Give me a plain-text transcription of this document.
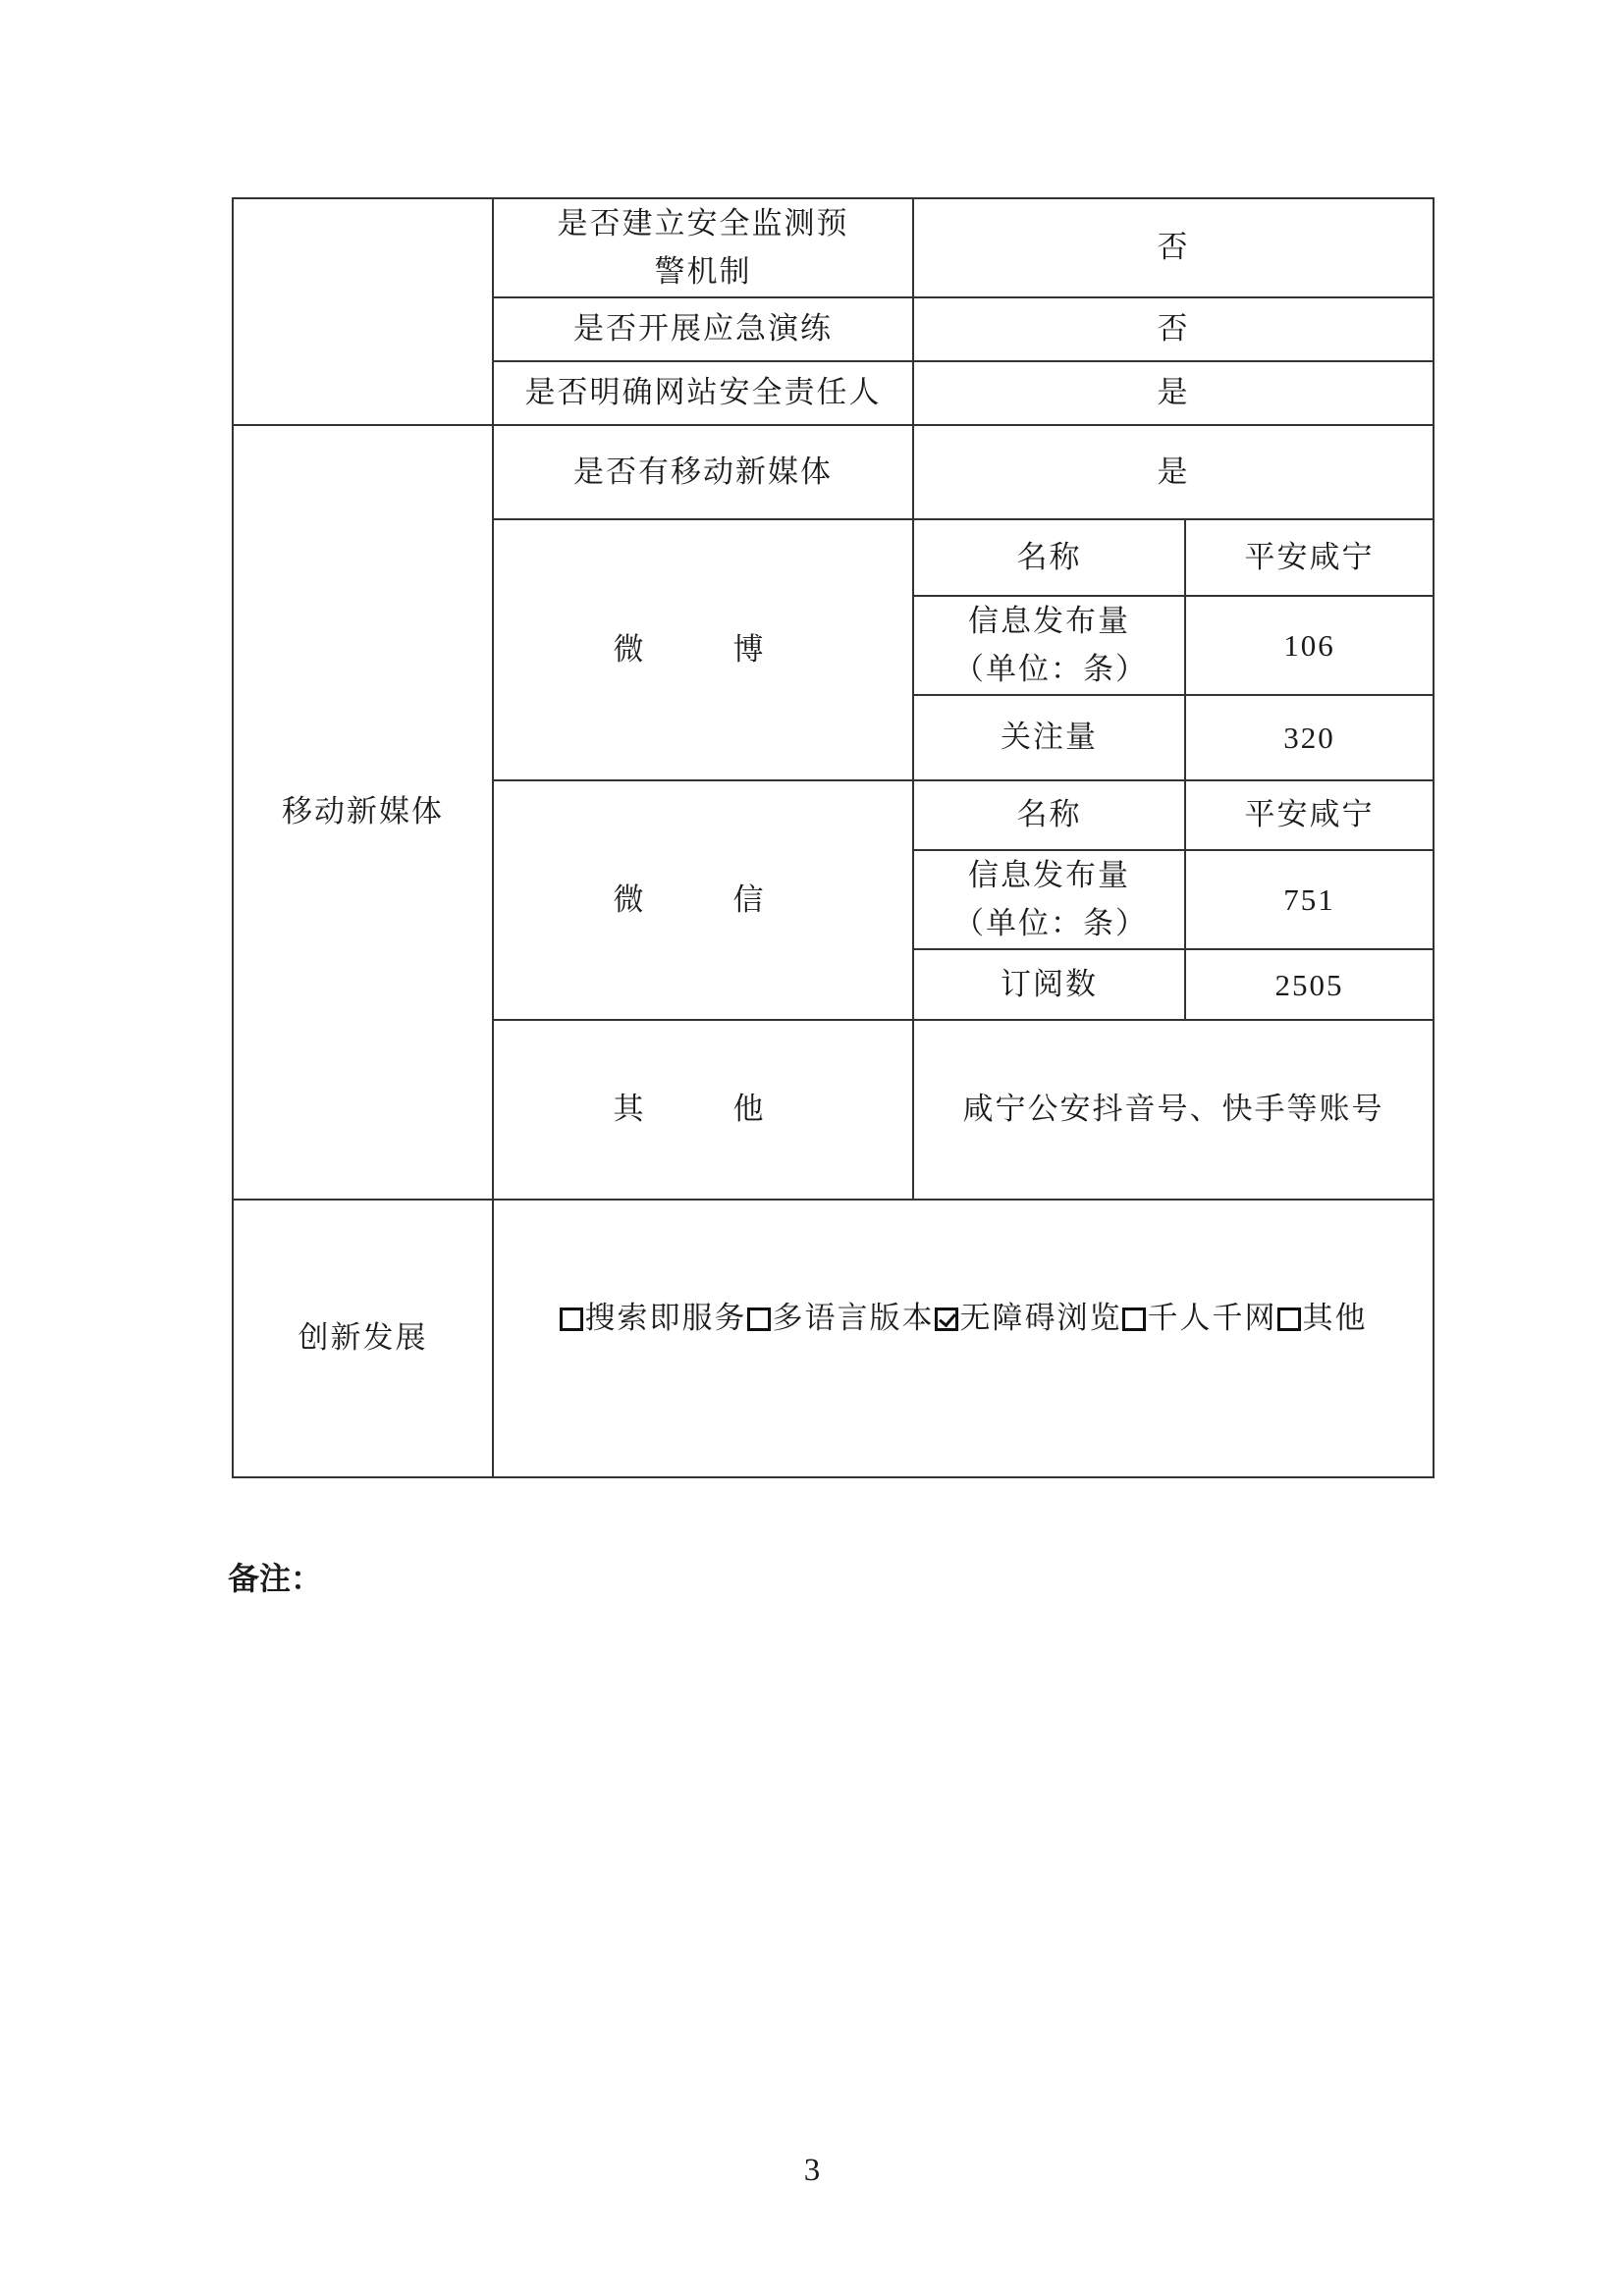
	是否建立安全监测预警机制	否	
	是否开展应急演练	否	
	是否明确网站安全责任人	是	
移动新媒体	是否有移动新媒体	是	
	微　博	名称	平安咸宁
		信息发布量（单位：条）	106
		关注量	320
	微　信	名称	平安咸宁
		信息发布量（单位：条）	751
		订阅数	2505
	其　他	咸宁公安抖音号、快手等账号	
创新发展	搜索即服务 多语言版本 无障碍浏览 千人千网 其他		
备注：
3
